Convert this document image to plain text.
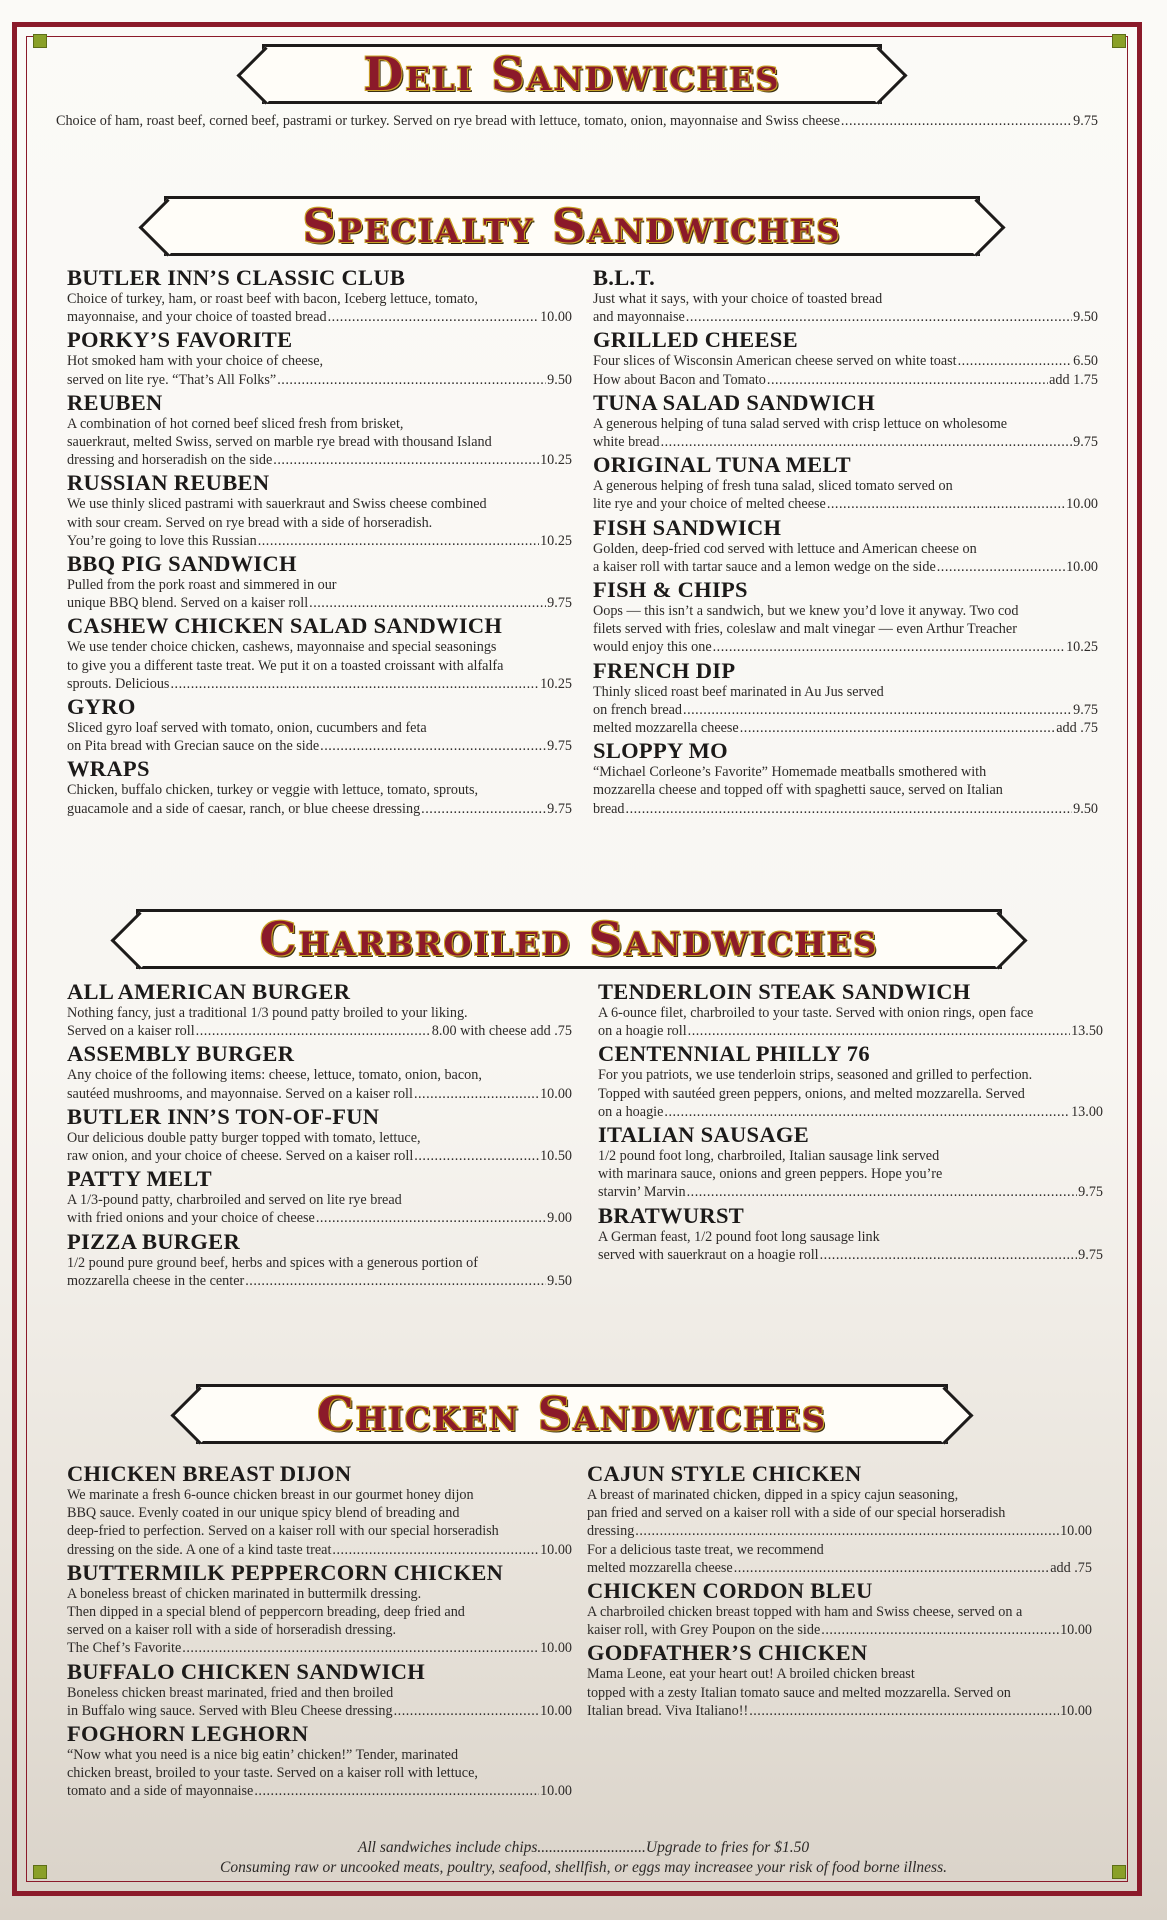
Deli Sandwiches
Choice of ham, roast beef, corned beef, pastrami or turkey. Served on rye bread with lettuce, tomato, onion, mayonnaise and Swiss cheese .....	9.75
Specialty Sandwiches
BUTLER INN’S CLASSIC CLUB
Choice of turkey, ham, or roast beef with bacon, Iceberg lettuce, tomato,
mayonnaise, and your choice of toasted bread .....	10.00
PORKY’S FAVORITE
Hot smoked ham with your choice of cheese,
served on lite rye. “That’s All Folks” .....	9.50
REUBEN
A combination of hot corned beef sliced fresh from brisket,
sauerkraut, melted Swiss, served on marble rye bread with thousand Island
dressing and horseradish on the side .....	10.25
RUSSIAN REUBEN
We use thinly sliced pastrami with sauerkraut and Swiss cheese combined
with sour cream. Served on rye bread with a side of horseradish.
You’re going to love this Russian .....	10.25
BBQ PIG SANDWICH
Pulled from the pork roast and simmered in our
unique BBQ blend. Served on a kaiser roll .....	9.75
CASHEW CHICKEN SALAD SANDWICH
We use tender choice chicken, cashews, mayonnaise and special seasonings
to give you a different taste treat. We put it on a toasted croissant with alfalfa
sprouts. Delicious .....	10.25
GYRO
Sliced gyro loaf served with tomato, onion, cucumbers and feta
on Pita bread with Grecian sauce on the side .....	9.75
WRAPS
Chicken, buffalo chicken, turkey or veggie with lettuce, tomato, sprouts,
guacamole and a side of caesar, ranch, or blue cheese dressing .....	9.75
B.L.T.
Just what it says, with your choice of toasted bread
and mayonnaise .....	9.50
GRILLED CHEESE
Four slices of Wisconsin American cheese served on white toast .....	6.50
How about Bacon and Tomato .....	add 1.75
TUNA SALAD SANDWICH
A generous helping of tuna salad served with crisp lettuce on wholesome
white bread .....	9.75
ORIGINAL TUNA MELT
A generous helping of fresh tuna salad, sliced tomato served on
lite rye and your choice of melted cheese .....	10.00
FISH SANDWICH
Golden, deep-fried cod served with lettuce and American cheese on
a kaiser roll with tartar sauce and a lemon wedge on the side .....	10.00
FISH & CHIPS
Oops — this isn’t a sandwich, but we knew you’d love it anyway. Two cod
filets served with fries, coleslaw and malt vinegar — even Arthur Treacher
would enjoy this one .....	10.25
FRENCH DIP
Thinly sliced roast beef marinated in Au Jus served
on french bread .....	9.75
melted mozzarella cheese .....	add .75
SLOPPY MO
“Michael Corleone’s Favorite” Homemade meatballs smothered with
mozzarella cheese and topped off with spaghetti sauce, served on Italian
bread .....	9.50
Charbroiled Sandwiches
ALL AMERICAN BURGER
Nothing fancy, just a traditional 1/3 pound patty broiled to your liking.
Served on a kaiser roll .....	8.00 with cheese add .75
ASSEMBLY BURGER
Any choice of the following items: cheese, lettuce, tomato, onion, bacon,
sautéed mushrooms, and mayonnaise. Served on a kaiser roll .....	10.00
BUTLER INN’S TON-OF-FUN
Our delicious double patty burger topped with tomato, lettuce,
raw onion, and your choice of cheese. Served on a kaiser roll .....	10.50
PATTY MELT
A 1/3-pound patty, charbroiled and served on lite rye bread
with fried onions and your choice of cheese .....	9.00
PIZZA BURGER
1/2 pound pure ground beef, herbs and spices with a generous portion of
mozzarella cheese in the center .....	9.50
TENDERLOIN STEAK SANDWICH
A 6-ounce filet, charbroiled to your taste. Served with onion rings, open face
on a hoagie roll .....	13.50
CENTENNIAL PHILLY 76
For you patriots, we use tenderloin strips, seasoned and grilled to perfection.
Topped with sautéed green peppers, onions, and melted mozzarella. Served
on a hoagie .....	13.00
ITALIAN SAUSAGE
1/2 pound foot long, charbroiled, Italian sausage link served
with marinara sauce, onions and green peppers. Hope you’re
starvin’ Marvin .....	9.75
BRATWURST
A German feast, 1/2 pound foot long sausage link
served with sauerkraut on a hoagie roll .....	9.75
Chicken Sandwiches
CHICKEN BREAST DIJON
We marinate a fresh 6-ounce chicken breast in our gourmet honey dijon
BBQ sauce. Evenly coated in our unique spicy blend of breading and
deep-fried to perfection. Served on a kaiser roll with our special horseradish
dressing on the side. A one of a kind taste treat .....	10.00
BUTTERMILK PEPPERCORN CHICKEN
A boneless breast of chicken marinated in buttermilk dressing.
Then dipped in a special blend of peppercorn breading, deep fried and
served on a kaiser roll with a side of horseradish dressing.
The Chef’s Favorite .....	10.00
BUFFALO CHICKEN SANDWICH
Boneless chicken breast marinated, fried and then broiled
in Buffalo wing sauce. Served with Bleu Cheese dressing .....	10.00
FOGHORN LEGHORN
“Now what you need is a nice big eatin’ chicken!” Tender, marinated
chicken breast, broiled to your taste. Served on a kaiser roll with lettuce,
tomato and a side of mayonnaise .....	10.00
CAJUN STYLE CHICKEN
A breast of marinated chicken, dipped in a spicy cajun seasoning,
pan fried and served on a kaiser roll with a side of our special horseradish
dressing .....	10.00
For a delicious taste treat, we recommend
melted mozzarella cheese .....	add .75
CHICKEN CORDON BLEU
A charbroiled chicken breast topped with ham and Swiss cheese, served on a
kaiser roll, with Grey Poupon on the side .....	10.00
GODFATHER’S CHICKEN
Mama Leone, eat your heart out! A broiled chicken breast
topped with a zesty Italian tomato sauce and melted mozzarella. Served on
Italian bread. Viva Italiano!! .....	10.00
All sandwiches include chips............................Upgrade to fries for $1.50
Consuming raw or uncooked meats, poultry, seafood, shellfish, or eggs may increasee your risk of food borne illness.
